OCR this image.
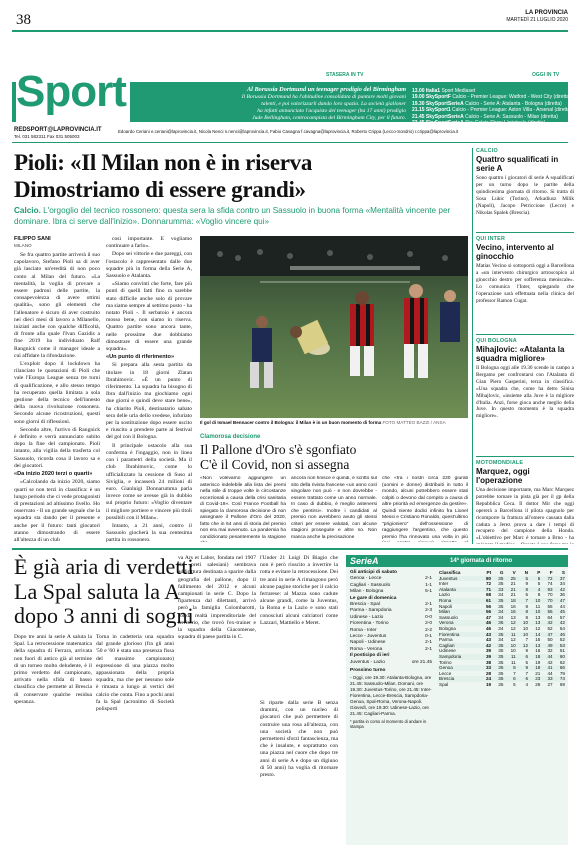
38	LA PROVINCIA
MARTEDÌ 21 LUGLIO 2020
Sport	Al Borussia Dortmund un teenager prodigio del Birmingham
Il Borussia Dortmund ha l'abitudine consolidata di puntare molti giovani
talenti, e poi valorizzarli dando loro spazio. La società gialloner
ha infatti annunciato l'acquisto del teenager (ha 17 anni) prodigio
Jude Bellingham, centrocampista del Birmingham City, per il futuro.
STASERA IN TV	OGGI IN TV
13.00 Italia1 Sport Mediaset
19.00 SkySportF Calcio - Premier League: Watford - West City (diretta)
19.30 SkySportSerieA Calcio - Serie A: Atalanta - Bologna (diretta)
21.15 SkySport1 Calcio - Premier League: Aston Villa - Arsenal (diretta)
21.45 SkySportSerieA Calcio - Serie A: Sassuolo - Milan (diretta)
23.45 SkySportSerieA Sky Calcio Show L'originale (diretta)
REDSPORT@LAPROVINCIA.IT
Tel. 031 582311 Fax 031 505003
Edoardo Ceriani e.ceriani@laprovincia.it, Nicola Nenci n.nenci@laprovincia.it, Fabio Cavagna f.cavagna@laprovincia.it, Roberto Crippa (Lecco-Sondrio) r.crippa@laprovincia.it
Pioli: «Il Milan non è in riserva
Dimostriamo di essere grandi»
Calcio. L'orgoglio del tecnico rossonero: questa sera la sfida contro un Sassuolo in buona forma «Mentalità vincente per dominare. Ibra ci serve dall'inizio». Donnarumma: «Voglio vincere qui»
FILIPPO SANI
MILANO

Se fra quattro partite arriverà il suo capolavoro, Stefano Pioli sa di aver già lasciato un'eredità di non poco conto al Milan del futuro. «La mentalità, la voglia di provare a essere padroni delle partite, la consapevolezza di avere ottimi qualità», sono gli elementi che l'allenatore è sicuro di aver costruito nei dieci mesi di lavoro a Milanello, iniziati anche con qualche difficoltà, di fronte alla quale l'Ivan Gazidis a fine 2019 ha individuato Ralf Rangnick come il manager ideale a cui affidare la rifondazione.

L'exploit dopo il lockdown ha rilanciato le quotazioni di Pioli che vale l'Europa League senza tre turni di qualificazione, e allo stesso tempo ha recuperato quella limitata a sola gestione della tecnico dell'innesto della nuova rivoluzione rossonera. Secondo alcune ricostruzioni, questi sono giorni di riflessioni.

Secondo altre, l'arrivo di Rangnick è definito e verrà annunciato subito dopo la fine del campionato. Pioli intanto, alla vigilia della trasferta col Sassuolo, ricorda cosa il lavoro sa e dei giocatori.

«Da inizio 2020 terzi o quarti»

«Calcolando da inizio 2020, siamo quarti se non terzi in classifica: è un lungo periodo che ci vede protagonisti di prestazioni ad altissimo livello. Ho osservato - Il un grande segnale che la squadra sta dando per il presente e anche per il futuro: tanti giocatori stanno dimostrando di essere all'altezza di un club

così importante. E vogliamo continuare a farlo».

Dopo sei vittorie e due pareggi, con l'ostacolo è rappresentato dalle due squadre più in forma della Serie A, Sassuolo e Atalanta.

«Siamo convinti che forte, fare più punti di quelli fatti fino ra sarebbe stato difficile anche solo di provare ma siamo sempre al settimo posto - ha notato Pioli -. Il serbatoio è ancora mosso bene, non siamo in riserva. Quattro partite sono ancora tante, nelle prossime due dobbiamo dimostrare di essere una grande squadra».

«Un punto di riferimento»

Si prepara alla sesta partita da titolare in 18 giorni Zlatan Ibrahimovic. «È un punto di riferimento. La squadra ha bisogno di Ibra dall'inizio ma giochiamo ogni due giorni e quindi deve stare bene», ha chiarito Pioli, destinatario sabato sera delle urla dello svedese, infuriato per la sostituzione dopo essere uscito e riuscito a prendere parte ai festival del gol con il Bologna.

Il principale ostacolo alla sua conferma è l'ingaggio, non in linea con i parametri della società. Ma il club Ibrahimovic, come lo ufficializzato la cessione di Suso al Siviglia, e incasserà 24 milioni di euro. Gianluigi Donnarumma parla invece come se avesse già in dubbio sul proprio futuro: «Voglio diventare il migliore portiere e vincere più titoli possibili con il Milan».

Intanto, a 21 anni, contro il Sassuolo giocherà la sua centesima partita in rossonero.

Il gol di Ismael Bennacer contro il Bologna: il Milan è in un buon momento di forma FOTO MATTEO BAZZI / ANSA
Clamorosa decisione
Il Pallone d'Oro s'è sgonfiato
C'è il Covid, non si assegna
«Non volevamo aggiungere un asterisco indelebile alla lista dei premi nella stile di troppe volte in circostanze eccezionali a causa della crisi sanitaria di Covid-19». Così France Football ha spiegato la clamorosa decisione di non assegnare il Pallone d'Oro del 2020, fatto che in 64 anni di storia del premio non era mai avvenuto. La pandemia ha condizionato pesantemente la stagione
ancora non finisce e quindi, è scritto sul sito della rivista francese «un anno così singolare non può - e non dovrebbe - essere trattato come un anno normale. In caso di dubbio, è meglio astenersi che pentirsi». Inoltre i candidati al premio non avrebbero avuto gli stessi criteri per essere valutati, con alcune stagioni proseguite e altre no. Non manca anche la precisazione
che «fra i nostri circa 220 giurati (uomini e donne) distribuiti in tutto il mondo, alcuni potrebbero essere stati colpiti o devono dal compito a causa di altre priorità ed emergenze da gestire». Quindi niente dodici infinito fra Lionel Messi e Cristiano Ronaldo, quest'ultimo "prigioniero" dell'ossessione di raggiungere l'argentino, che questo premio l'ha rinnovato una volta in più
CALCIO
Quattro squalificati in serie A
Sono quattro i giocatori di serie A squalificati per un turno dopo le partite della quindicesima giornata di ritorno. Si tratta di Sosa Lukic (Torino), Arkadiusz Milik (Napoli), Jacopo Petriccione (Lecce) e Nikolas Spalek (Brescia).
QUI INTER
Vecino, intervento al ginocchio
Matias Vecino si sottoporrà oggi a Barcellona a «un intervento chirurgico artroscopico al ginocchio destro per sofferenza meniscale». Lo comunica l'Inter, spiegando che l'operazione sarà effettuata nella clinica del professor Ramon Cugat.
QUI BOLOGNA
Mihajlovic: «Atalanta la squadra migliore»
Il Bologna oggi alle 19.30 scende in campo a Bergamo per confrontarsi con l'Atalanta di Gian Piero Gasperini, terza in classifica. «Una squadra che, come ha detto Sinisa Mihajlovic, «insieme alla Juve è la migliore d'Italia. Anzi, forse gioca anche meglio della Juve. In questo momento è la squadra migliore».
MOTOMONDIALE
Marquez, oggi l'operazione
Una decisione importante, ma Marc Marquez potrebbe tornare in pista già per il gp della Repubblica Ceca. Il dottor Mir che oggi opererà a Barcellona il pilota spagnolo per ricomporre la frattura all'omero causata dalla caduta a Jerez prova a dare i tempi di recupero del campione della Honda. «L'obiettivo per Marc è tornare a Brno - ha
È già aria di verdetti
La Spal saluta la A
dopo 3 anni di sogni
Dopo tre anni la serie A saluta la Spal. La retrocessione matematica della squadra di Ferrara, arrivata non fuori di antico già al termine di un torneo molto deludente, è il primo verdetto del campionato, arrivato nella sfida di basso classifica che permette al Brescia di conservare qualche residua speranza.
Torna in cadetteria una squadra dal grande glorioso (fra gli anni '50 e '60 è stata una presenza fissa del massimo campionato) espressione di una piazza molto appassionata della propria squadra, ma che per nessuno sole è rimasta a lungo ai vertici del calcio che conta. Fino a pochi anni fa la Spal (acronimo di Società polisporti
va Ars et Labor, fondata nel 1907 dai preti salesiani) sembrava addirittura destinata a sparire dalla geografia del pallone, dopo il fallimento del 2012 e alcuni campionati in serie C. Dopo la ripartenza dal dilettanti, arrivò però la famiglia Colombarotti, solida realtà imprenditoriale del territorio, che trovò l'ex-trainer e la squadra della Giacomense, squadra di paese partita in C.
l'Under 21 Luigi Di Biagio che non è però riuscito a invertire la rotta e evitare la retrocessione. Dei tre anni in serie A rimangono però alcune pagine storiche per il calcio ferrarese: al Mazza sono cadute alcune grandi, come la Juventus, la Roma e la Lazio e sono stati conosciuti alcuni calciatori come Lazzari, Mattiello e Meret.
Si riparte dalla serie B senza drammi, con un nucleo di giocatori che può permettere di costruire una rosa all'altezza, con una società che non può permettersi sforzi fantascienza, ma che è insalute, e soprattutto con una piazza nel cuore che dopo tre anni di serie A e dopo un digiuno di 50 anni) ha voglia di ritornare presto.
SerieA	14ª giornata di ritorno
Gli anticipi di sabato
Genoa - Lecce	2-1
Cagliari - Sassuolo	1-1
Milan - Bologna	5-1
Le gare di domenica
Brescia - Spal	2-1
Parma - Sampdoria	2-3
Udinese - Lazio	0-0
Fiorentina - Torino	2-0
Roma - Inter	2-2
Lecce - Juventus	0-1
Napoli - Udinese	2-1
Roma - Verona	2-1
Il posticipo di ieri
Juventus - Lazio	ore 21.45
Prossimo turno
- Oggi, ore 19.30: Atalanta-Bologna, ore 21.45: Sassuolo-Milan. Domani, ore 19.30: Juventus-Torino, ore 21.45: Inter-Fiorentina, Lecce-Brescia, Sampdoria-Genoa, Spal-Roma, Verona-Napoli. Giovedì, ore 19.30: Udinese-Lazio, ore 21.45: Cagliari-Parma.
* partita in corso al momento di andare in stampa
Classifica	Pt	G	V	N	P	F	S
Juventus	80	35	25	5	5	72	37
Inter	72	35	21	9	5	74	34
Atalanta	71	33	21	8	4	93	42
Lazio	68	34	21	5	8	70	36
Roma	61	35	18	7	10	70	47
Napoli	56	35	16	8	11	55	44
Milan	56	34	16	8	10	55	45
Sassuolo	47	34	13	8	13	64	57
Verona	46	35	12	10	13	42	42
Bologna	46	34	12	10	12	52	54
Fiorentina	43	35	11	10	14	47	46
Parma	43	34	12	7	15	50	52
Cagliari	42	35	10	12	13	49	53
Udinese	39	35	10	9	16	32	51
Sampdoria	39	35	11	6	18	44	60
Torino	38	35	11	5	19	42	62
Genoa	33	35	8	9	18	41	66
Lecce	28	35	7	7	21	44	79
Brescia	24	35	6	6	23	33	74
Spal	19	35	5	4	26	27	69
